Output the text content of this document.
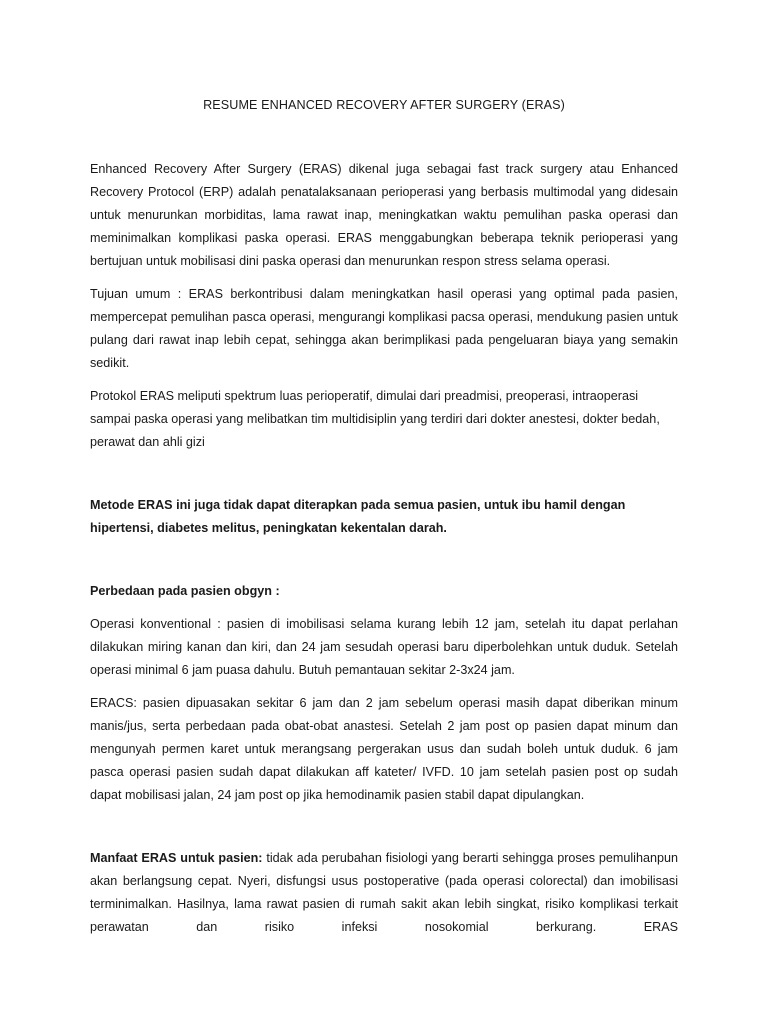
RESUME ENHANCED RECOVERY AFTER SURGERY (ERAS)

Enhanced Recovery After Surgery (ERAS) dikenal juga sebagai fast track surgery atau Enhanced Recovery Protocol (ERP) adalah penatalaksanaan perioperasi yang berbasis multimodal yang didesain untuk menurunkan morbiditas, lama rawat inap, meningkatkan waktu pemulihan paska operasi dan meminimalkan komplikasi paska operasi. ERAS menggabungkan beberapa teknik perioperasi yang bertujuan untuk mobilisasi dini paska operasi dan menurunkan respon stress selama operasi.

Tujuan umum : ERAS berkontribusi dalam meningkatkan hasil operasi yang optimal pada pasien, mempercepat pemulihan pasca operasi, mengurangi komplikasi pacsa operasi, mendukung pasien untuk pulang dari rawat inap lebih cepat, sehingga akan berimplikasi pada pengeluaran biaya yang semakin sedikit.

Protokol ERAS meliputi spektrum luas perioperatif, dimulai dari preadmisi, preoperasi, intraoperasi sampai paska operasi yang melibatkan tim multidisiplin yang terdiri dari dokter anestesi, dokter bedah, perawat dan ahli gizi

Metode ERAS ini juga tidak dapat diterapkan pada semua pasien, untuk ibu hamil dengan hipertensi, diabetes melitus, peningkatan kekentalan darah.

Perbedaan pada pasien obgyn :

Operasi konventional : pasien di imobilisasi selama kurang lebih 12 jam, setelah itu dapat perlahan dilakukan miring kanan dan kiri, dan 24 jam sesudah operasi baru diperbolehkan untuk duduk. Setelah operasi minimal 6 jam puasa dahulu. Butuh pemantauan sekitar 2-3x24 jam.

ERACS: pasien dipuasakan sekitar 6 jam dan 2 jam sebelum operasi masih dapat diberikan minum manis/jus, serta perbedaan pada obat-obat anastesi. Setelah 2 jam post op pasien dapat minum dan mengunyah permen karet untuk merangsang pergerakan usus dan sudah boleh untuk duduk. 6 jam pasca operasi pasien sudah dapat dilakukan aff kateter/ IVFD. 10 jam setelah pasien post op sudah dapat mobilisasi jalan, 24 jam post op jika hemodinamik pasien stabil dapat dipulangkan.

Manfaat ERAS untuk pasien: tidak ada perubahan fisiologi yang berarti sehingga proses pemulihanpun akan berlangsung cepat. Nyeri, disfungsi usus postoperative (pada operasi colorectal) dan imobilisasi terminimalkan. Hasilnya, lama rawat pasien di rumah sakit akan lebih singkat, risiko komplikasi terkait perawatan dan risiko infeksi nosokomial berkurang. ERAS
